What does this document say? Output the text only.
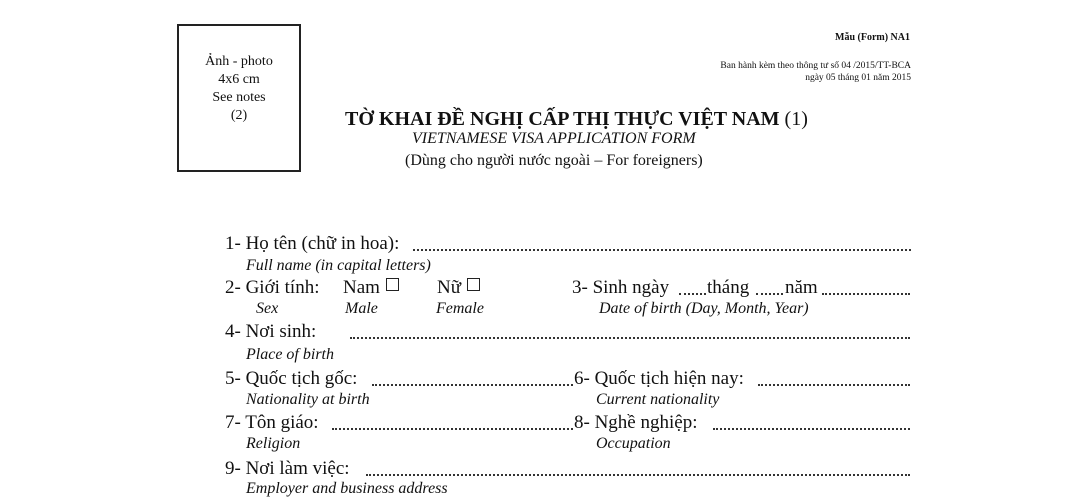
Ảnh - photo
4x6 cm
See notes
(2)
Mẫu (Form) NA1
Ban hành kèm theo thông tư số 04 /2015/TT-BCA
ngày 05 tháng 01 năm 2015
TỜ KHAI ĐỀ NGHỊ CẤP THỊ THỰC VIỆT NAM (1)
VIETNAMESE VISA APPLICATION FORM
(Dùng cho người nước ngoài – For foreigners)
1- Họ tên (chữ in hoa):
Full name (in capital letters)
2- Giới tính: Nam	Nữ
Sex	Male	Female
3- Sinh ngày tháng năm
Date of birth (Day, Month, Year)
4- Nơi sinh:
Place of birth
5- Quốc tịch gốc:
Nationality at birth
6- Quốc tịch hiện nay:
Current nationality
7- Tôn giáo:
Religion
8- Nghề nghiệp:
Occupation
9- Nơi làm việc:
Employer and business address
